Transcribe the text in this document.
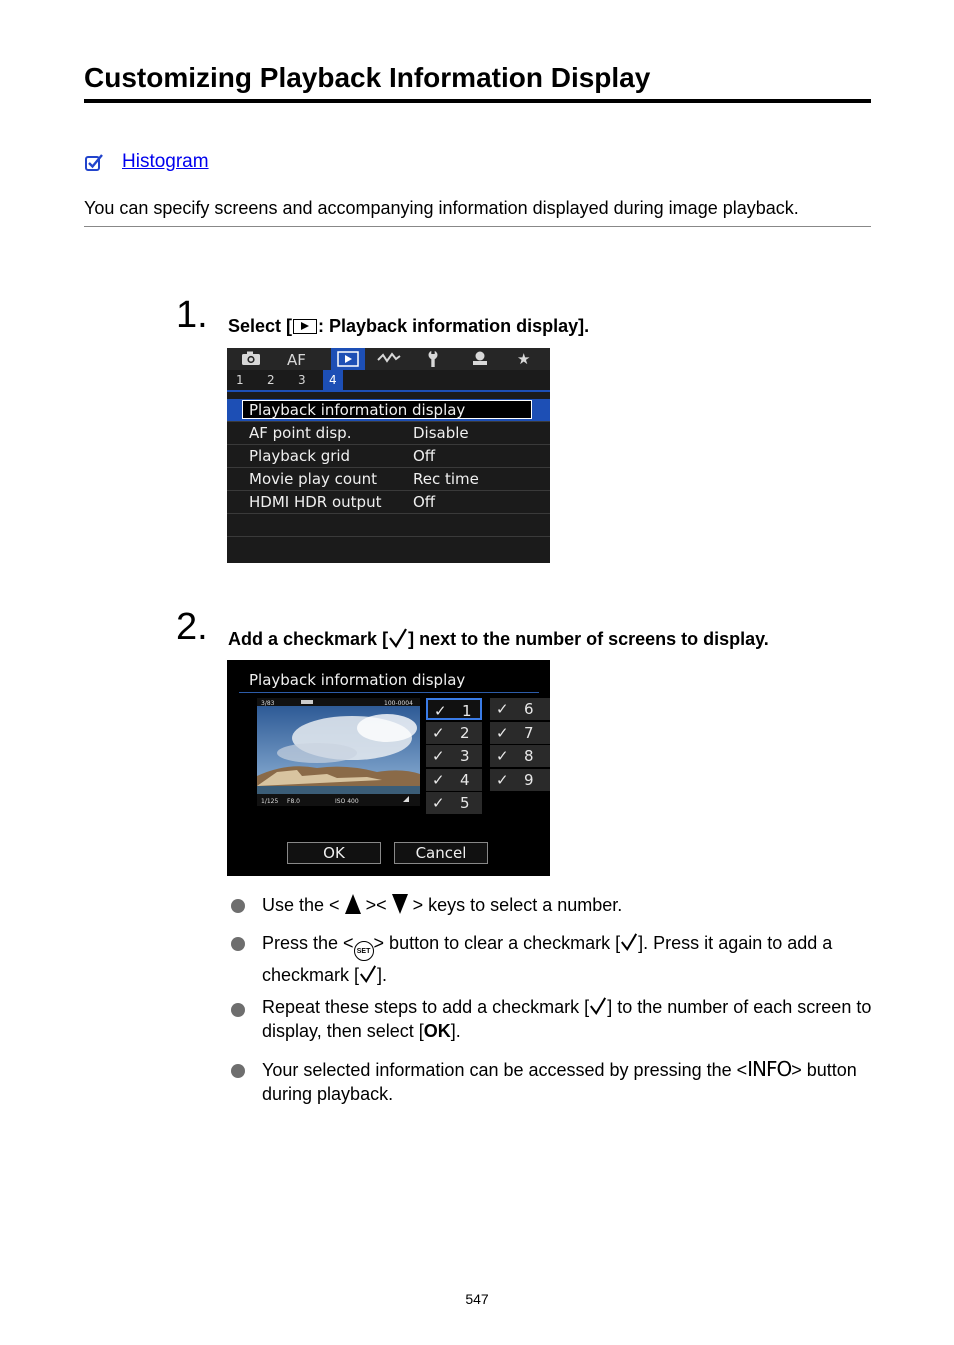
Customizing Playback Information Display
Histogram
You can specify screens and accompanying information displayed during image playback.
1. Select [ : Playback information display].
AF	★
1 2 3	4
Playback information display
AF point disp.	Disable
Playback grid	Off
Movie play count Rec time
HDMI HDR output Off
2. Add a checkmark [ ] next to the number of screens to display.
Playback information display
3/83	100-0004
1/125 F8.0	ISO 400
✓ 1
✓ 2
✓ 3
✓ 4
✓ 5
✓ 6
✓ 7
✓ 8
✓ 9
OK	Cancel
Use the < >< > keys to select a number.
Press the < SET > button to clear a checkmark [ ]. Press it again to add a checkmark [ ].
Repeat these steps to add a checkmark [ ] to the number of each screen to display, then select [OK].
Your selected information can be accessed by pressing the <INFO> button during playback.
547
